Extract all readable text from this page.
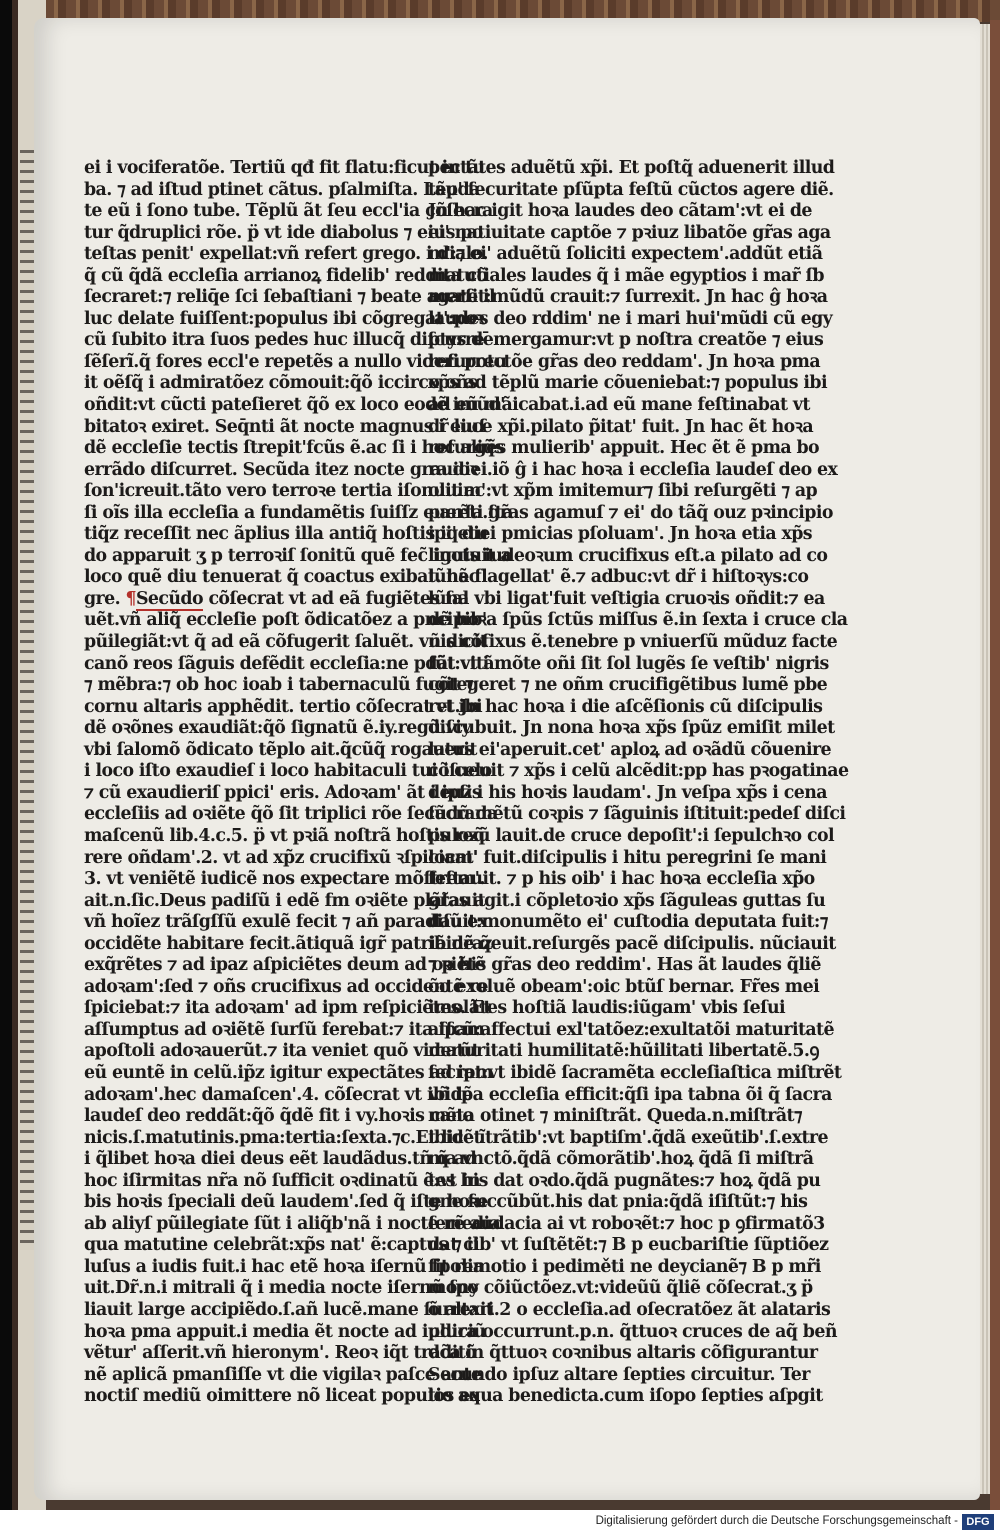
ei i vociferatõe. Tertiũ qđ fit flatu:ficut in tu
ba. ⁊ ad iſtud ptinet cãtus. pſalmiſta. Lauda
te eũ i ſono tube. Tẽplũ ãt ſeu eccl'ia cõſecra
tur q̃druplici rõe. p̈ vt ide diabolus ⁊ eius po
teſtas penit' expellat:vñ refert grego. i dialo.
q̃ cũ q̃dã eccleſia arrianoꝝ fidelib' reddita cõ
ſecraret:⁊ reliq̄e ſci ſebaſtiani ⁊ beate agate il
luc delate fuiſſent:populus ibi cõgregat':poꝛ
cũ ſubito itra ſuos pedes huc illucq̃ diſcurre ̄
ſẽſerĩ.q̃ fores eccl'e repetẽs a nullo videri potu
it oẽſq̃ i admiratõez cõmouit:q̃õ iccirco oñs
oñdit:vt cũcti pateſieret q̃õ ex loco eodẽ imũd'
bitatoꝛ exiret. Seq̄nti ãt nocte magnus i eiuſ
dẽ eccleſie tectis ſtrepit'fcũs ẽ.ac ſi i hoc aliq̃s
errãdo diſcurret. Secũda itez nocte grauioꝛ
ſon'icreuit.tãto vero terroꝛe tertia iſonuit ac
ſi oĩs illa eccleſia a fundamẽtis ſuiſſz euerſa.ſta
tiq̃z receſſit nec ãplius illa antiq̃ hoſtis iqetu
do apparuit ʒ p terroꝛiſ ſonitũ quẽ fec̃ inotuit a
loco quẽ diu tenuerat q̃ coactus exibat. hec
gre. ¶Secũdo cõſecrat vt ad eã fugiẽtes ſal
uẽt.vñ aliq̃ eccleſie poſt õdicatõez a pncipib'
pũilegiãt:vt q̃ ad eã cõfugerit ſaluẽt. vñ dicit
canõ reos ſãguis defẽdit eccleſia:ne pdãt vitã
⁊ mẽbra:⁊ ob hoc ioab i tabernaculũ fugit ⁊
cornu altaris apphẽdit. tertio cõſecrat vt ibi
dẽ oꝛõnes exaudiãt:q̃õ ſignatũ ẽ.iy.regũ.viy
vbi ſalomõ õdicato tẽplo ait.q̃cũq̃ rogauerit
i loco iſto exaudieſ i loco habitaculi tui i celo
⁊ cũ exaudieriſ ppici' eris. Adoꝛam' ãt i ipſis
eccleſiis ad oꝛiẽte q̃õ ſit triplici rõe ſecũdũ da
maſcenũ lib.4.c.5. p̈ vt pꝛiã noſtrã hoſtis req̃
rere oñdam'.2. vt ad xp̃z crucifixũ ꝛſpiciam'
3. vt veniẽtẽ iudicẽ nos expectare mõſtrem'.
ait.n.ſic.Deus padiſũ i edẽ fm oꝛiẽte plãtauit
vñ hoĩez trãſgſſũ exulẽ fecit ⁊ añ paradiſũ ex
occidẽte habitare fecit.ãtiquã igr̃ patriã nr̃az
exq̃rẽtes ⁊ ad ipaz aſpiciẽtes deum ad oꝛiẽtẽ
adoꝛam':ſed ⁊ oñs crucifixus ad occidentẽ re
ſpiciebat:⁊ ita adoꝛam' ad ipm reſpiciẽtes. Et
aſſumptus ad oꝛiẽtẽ ſurſũ ferebat:⁊ ita ipam
apoſtoli adoꝛauerũt.⁊ ita veniet quõ viderũt
eũ euntẽ in celũ.ip̃z igitur expectãtes ad ipm
adoꝛam'.hec damaſcen'.4. cõſecrat vt ibidẽ
laudeſ deo reddãt:q̃õ q̃dẽ fit i vy.hoꝛis cano
nicis.ſ.matutinis.pma:tertia:ſexta.⁊c.Et licet
i q̃libet hoꝛa diei deus eẽt laudãdus.tñ q̃ ad
hoc iſirmitas nr̃a nõ ſufficit oꝛdinatũ ẽ:vt in
bis hoꝛis ſpeciali deũ laudem'.ſed q̃ iſte hoꝛe
ab aliyſ pũilegiate ſũt i aliq̃b'nã i nocte media
qua matutine celebrãt:xp̃s nat' ẽ:captus ⁊ il
luſus a iudis fuit.i hac etẽ hoꝛa iſernũ ſpolia
uit.Dr̃.n.i mitrali q̃ i media nocte iſernũ ſpo
liauit large accipiẽdo.ſ.añ lucẽ.mane ſurrexit
hoꝛa pma appuit.i media ẽt nocte ad iudiciũ
vẽtur' aſſerit.vñ hieronym'. Reoꝛ iq̃t traditõ
nẽ aplicã pmanſiſſe vt die vigilaꝛ paſce ante
noctiſ mediũ oimittere nõ liceat populos ex
pectãtes aduẽtũ xp̃i. Et poſtq̃ aduenerit illud
tẽp' ſecuritate pſũpta feſtũ cũctos agere diẽ.
Jn hac igit hoꝛa laudes deo cãtam':vt ei de
ei' natiuitate captõe ⁊ pꝛiuz libatõe gr̃as aga
m':⁊ ei' aduẽtũ ſoliciti expectem'.addũt etiã
matutiales laudes q̃ i mãe egyptios i mar̃ ſb
merſit:mũdũ crauit:⁊ ſurrexit. Jn hac ĝ hoꝛa
laudes deo rddim' ne i mari hui'mũdi cũ egy
ptys demergamur:vt p noſtra creatõe ⁊ eius
reſurrectõe gr̃as deo reddam'. Jn hoꝛa pma
xp̃s ad tẽplũ marie cõueniebat:⁊ populus ibi
ad eũ mãicabat.i.ad eũ mane feſtinabat vt
dr̃ luce xp̃i.pilato p̃itat' fuit. Jn hac ẽt hoꝛa
reſurgẽs mulierib' appuit. Hec ẽt ẽ pma bo
ra diei.iõ ĝ i hac hoꝛa i eccleſia laudeſ deo ex
oluim':vt xp̃m imitemur⁊ ſibi reſurgẽti ⁊ ap
parẽti gr̃as agamuſ ⁊ ei' do tãq̃ ouz pꝛincipio
ipi' diei pmicias pſoluam'. Jn hoꝛa etia xp̃s
liguis iudeoꝛum crucifixus eſt.a pilato ad co
lũnã flagellat' ẽ.⁊ adbuc:vt dr̃ i hiſtoꝛys:co
lũna vbi ligat'fuit veſtigia cruoꝛis oñdit:⁊ ea
dẽ hoꝛa ſpũs ſctũs miſſus ẽ.in ſexta i cruce cla
uis cõfixus ẽ.tenebre p vniuerſũ mũduz facte
ſũt:vt i mõte oñi ſit ſol lugẽs ſe veſtib' nigris
cõtegeret ⁊ ne oñm crucifigẽtibus lumẽ pbe
ret.Jn hac hoꝛa i die aſcẽſionis cũ diſcipulis
diſcubuit. Jn nona hoꝛa xp̃s ſpũz emiſit milet
latus ei'aperuit.cet' aploꝝ ad oꝛãdũ cõuenire
cõſueuit ⁊ xp̃s i celũ alcẽdit:pp has pꝛogatinae
deuz i his hoꝛis laudam'. Jn veſpa xp̃s i cena
ſacramẽtũ coꝛpis ⁊ ſãguinis iſtituit:pedeſ diſci
pulozũ lauit.de cruce depoſit':i ſepulchꝛo col
locat' fuit.diſcipulis i hitu peregrini ſe mani
feſtauit. ⁊ p his oib' i hac hoꝛa eccleſia xp̃o
gr̃as agit.i cõpletoꝛio xp̃s ſãguleas guttas ſu
dauit:monumẽto ei' cuſtodia deputata fuit:⁊
ibidẽ q̃euit.reſurgẽs pacẽ diſcipulis. nũciauit
⁊ p his gr̃as deo reddim'. Has ãt laudes q̃liẽ
õo exoluẽ obeam':oic btũſ bernar. Fr̃es mei
imolãtes hoſtiã laudis:iũgam' vbis ſeſui
affcũ:affectui exl'tatõez:exultatõi maturitatẽ
maturitati humilitatẽ:hũilitati libertatẽ.5.ꝯ
ſecrat:vt ibidẽ ſacramẽta eccleſiaſtica miſtrẽt
vñ ipa eccleſia efficit:q̃ſi ipa tabna õi q̃ ſacra
mẽta otinet ⁊ miniſtrãt. Queda.n.miſtrãt⁊
ibidẽ ĩtrãtib':vt baptiſm'.q̃dã exeũtib'.ſ.extre
ma vnctõ.q̃dã cõmorãtib'.hoꝝ q̃dã ſi miſtrã
tes his dat oꝛdo.q̃dã pugnãtes:⁊ hoꝝ q̃dã pu
gne ſuccũbũt.his dat pnia:q̃dã iſiſtũt:⁊ his
ſerẽ audacia ai vt roboꝛẽt:⁊ hoc p ꝯfirmatõ3
dat cib' vt ſuſtẽtẽt:⁊ B p eucbariſtie ſũptiõez
fit remotio i pediměti ne deycianẽ⁊ B p mr̃i
mony cõiũctõez.vt:videũũ q̃liẽ cõſecrat.ʒ p̈
õ altari.2 o eccleſia.ad oſecratõez ãt alataris
plura occurrunt.p.n. q̃ttuoꝛ cruces de aq̃ beñ
dc̃a in q̃ttuoꝛ coꝛnibus altaris cõfigurantur
Secundo ipſuz altare ſepties circuitur. Ter
tio aqua benedicta.cum iſopo ſepties aſpgit
Digitalisierung gefördert durch die Deutsche Forschungsgemeinschaft - DFG
